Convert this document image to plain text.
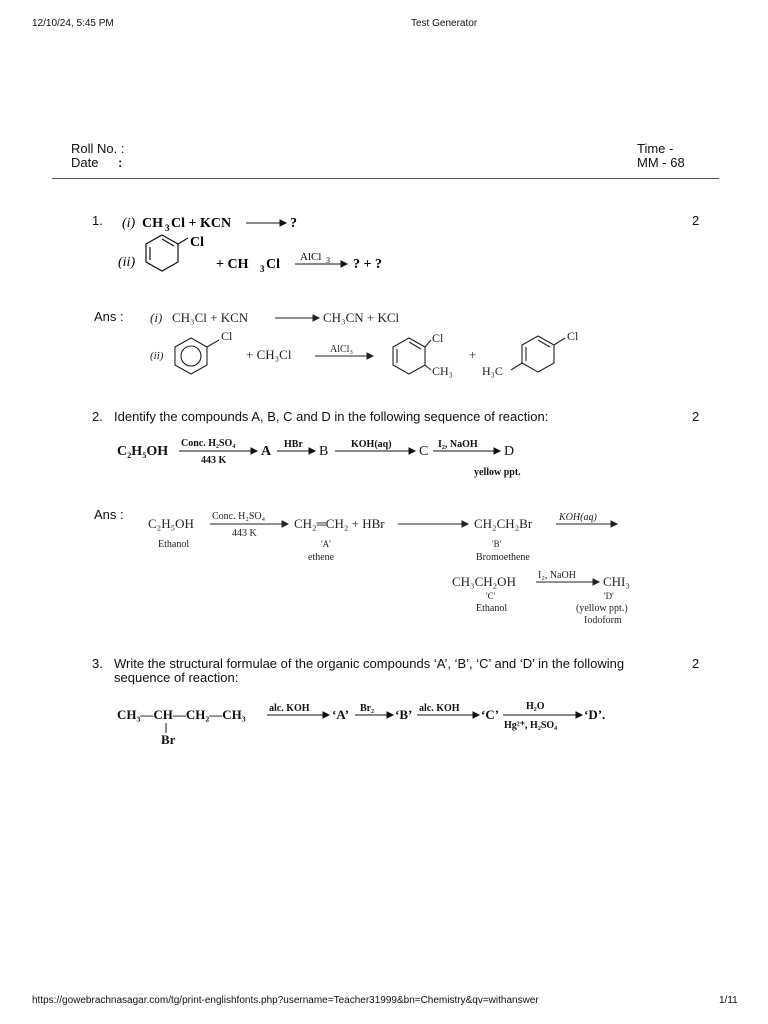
12/10/24, 5:45 PM	Test Generator
Roll No. :
Date :
Time -
MM - 68
1.	2
(i) CH 3 Cl + KCN	?
(ii)
Cl
+ CH 3 Cl AlCl 3 ? + ?
Ans : (i) CH₃Cl + KCN	CH₃CN + KCl
(ii)
Cl
+ CH₃Cl	AlCl₃
Cl
CH₃
+
Cl
H₃C
2. Identify the compounds A, B, C and D in the following sequence of reaction:	2
C₂H₅OH
Conc. H₂SO₄
443 K
A HBr B KOH(aq) C I₂, NaOH D
yellow ppt.
Ans :
C₂H₅OH
Ethanol
Conc. H₂SO₄
443 K
CH₂═CH₂ + HBr
'A'
ethene
CH₂CH₂Br
'B'
Bromoethene
KOH(aq)
CH₃CH₂OH
'C'
Ethanol
I₂, NaOH CHI₃
'D'
(yellow ppt.)
Iodoform
3. Write the structural formulae of the organic compounds ‘A’, ‘B’, ‘C’ and ‘D’ in the following
sequence of reaction:
2
CH₃—CH—CH₂—CH₃
Br
alc. KOH ‘A’ Br₂ ‘B’ alc. KOH ‘C’
H₂O
Hg²⁺, H₂SO₄
‘D’.
https://gowebrachnasagar.com/tg/print-englishfonts.php?username=Teacher31999&bn=Chemistry&qv=withanswer	1/11
